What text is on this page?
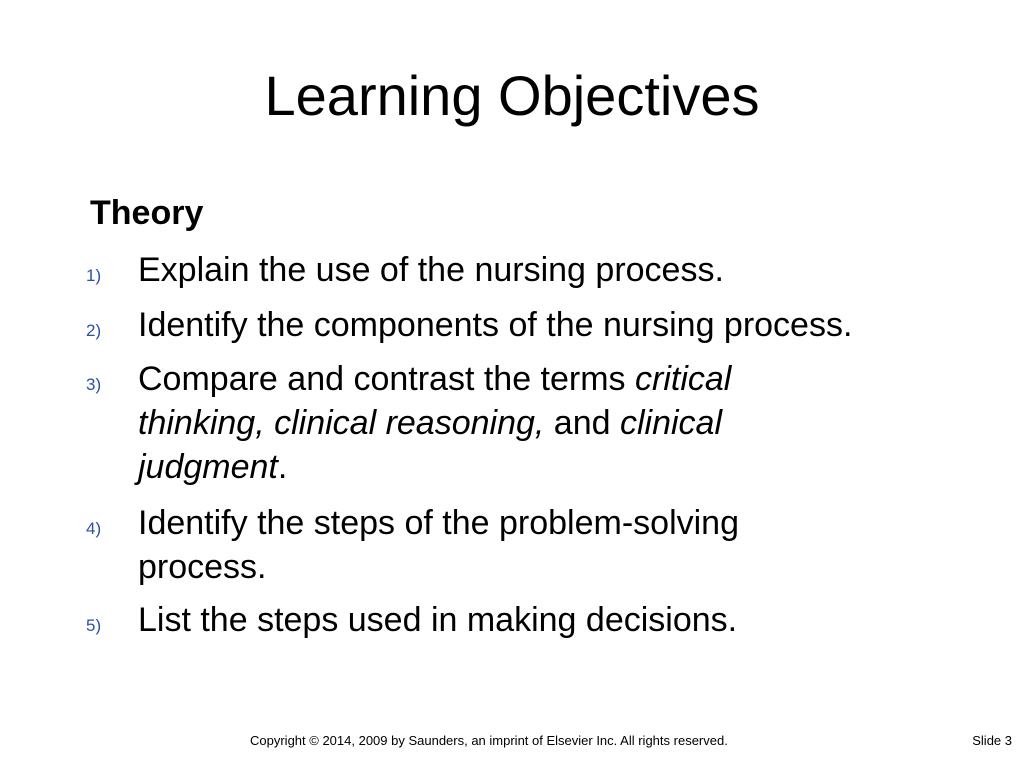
Learning Objectives
Theory
1) Explain the use of the nursing process.

2) Identify the components of the nursing process.

3) Compare and contrast the terms critical
thinking, clinical reasoning, and clinical
judgment.

4) Identify the steps of the problem-solving
process.

5) List the steps used in making decisions.

Copyright © 2014, 2009 by Saunders, an imprint of Elsevier Inc. All rights reserved.	Slide 3
